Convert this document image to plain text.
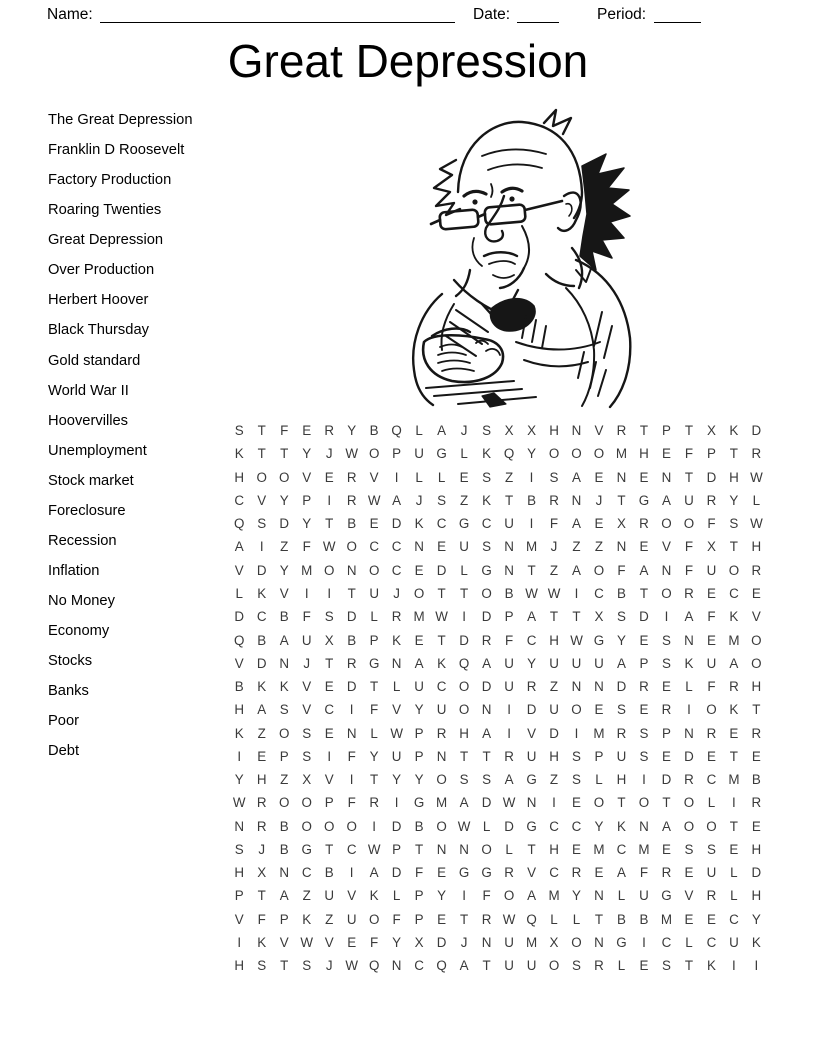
Name:	Date:	Period:
Great Depression
The Great Depression
Franklin D Roosevelt
Factory Production
Roaring Twenties
Great Depression
Over Production
Herbert Hoover
Black Thursday
Gold standard
World War II
Hoovervilles
Unemployment
Stock market
Foreclosure
Recession
Inflation
No Money
Economy
Stocks
Banks
Poor
Debt
S	T	F	E R Y	B Q	L	A	J	S	X	X H N V R	T	P	T	X	K D
K	T	T	Y	J W O P U G	L	K Q Y O O O M H E	F	P	T	R
H O O V	E R V	I	L	L	E	S	Z	I	S	A	E N E N	T	D H W
C V	Y	P	I	R W A	J	S	Z	K	T	B R N	J	T G A U R Y	L
Q S D Y	T	B	E D K C G C U	I	F	A	E	X R O O F	S W
A	I	Z	F W O C C N E U S N M	J	Z	Z	N E	V	F	X	T	H
V D Y M O N O C E D	L	G N	T	Z	A O F	A N	F	U O R
L	K	V	I	I	T	U	J	O T	T O B W W	I	C B	T O R E C E
D C B	F	S D	L	R M W	I	D P	A	T	T	X	S D	I	A	F	K	V
Q B	A U X	B	P	K	E	T	D R	F	C H W G Y	E	S N E M O
V D N	J	T	R G N A	K Q A U Y U U U A	P	S	K U A O
B	K	K	V	E D	T	L	U C O D U R	Z	N N D R E	L	F	R H
H A	S	V C	I	F	V	Y U O N	I	D U O E	S	E R	I	O K	T
K	Z O S	E N	L W P R H A	I	V D	I	M R S	P N R E R
I	E	P	S	I	F	Y U P N	T	T	R U H S	P U S	E D E	T	E
Y H	Z	X	V	I	T	Y	Y O S	S	A G Z	S	L	H	I	D R C M B
W R O O P	F	R	I	G M A D W N	I	E O T O T O	L	I	R
N R B O O O	I	D B O W L	D G C C Y	K N A O O T	E
S	J	B G T	C W P	T	N N O	L	T	H E M C M E	S	S	E H
H X N C B	I	A D	F	E G G R V C R E	A	F	R E U	L	D
P	T	A	Z	U V	K	L	P	Y	I	F O A M Y N	L	U G V R	L	H
V	F	P	K	Z	U O F	P	E	T	R W Q	L	L	T	B	B M E	E C Y
I	K	V W V	E	F	Y	X D	J	N U M X O N G	I	C	L	C U K
H S	T	S	J W Q N C Q A	T	U U O S R	L	E	S	T	K	I	I
